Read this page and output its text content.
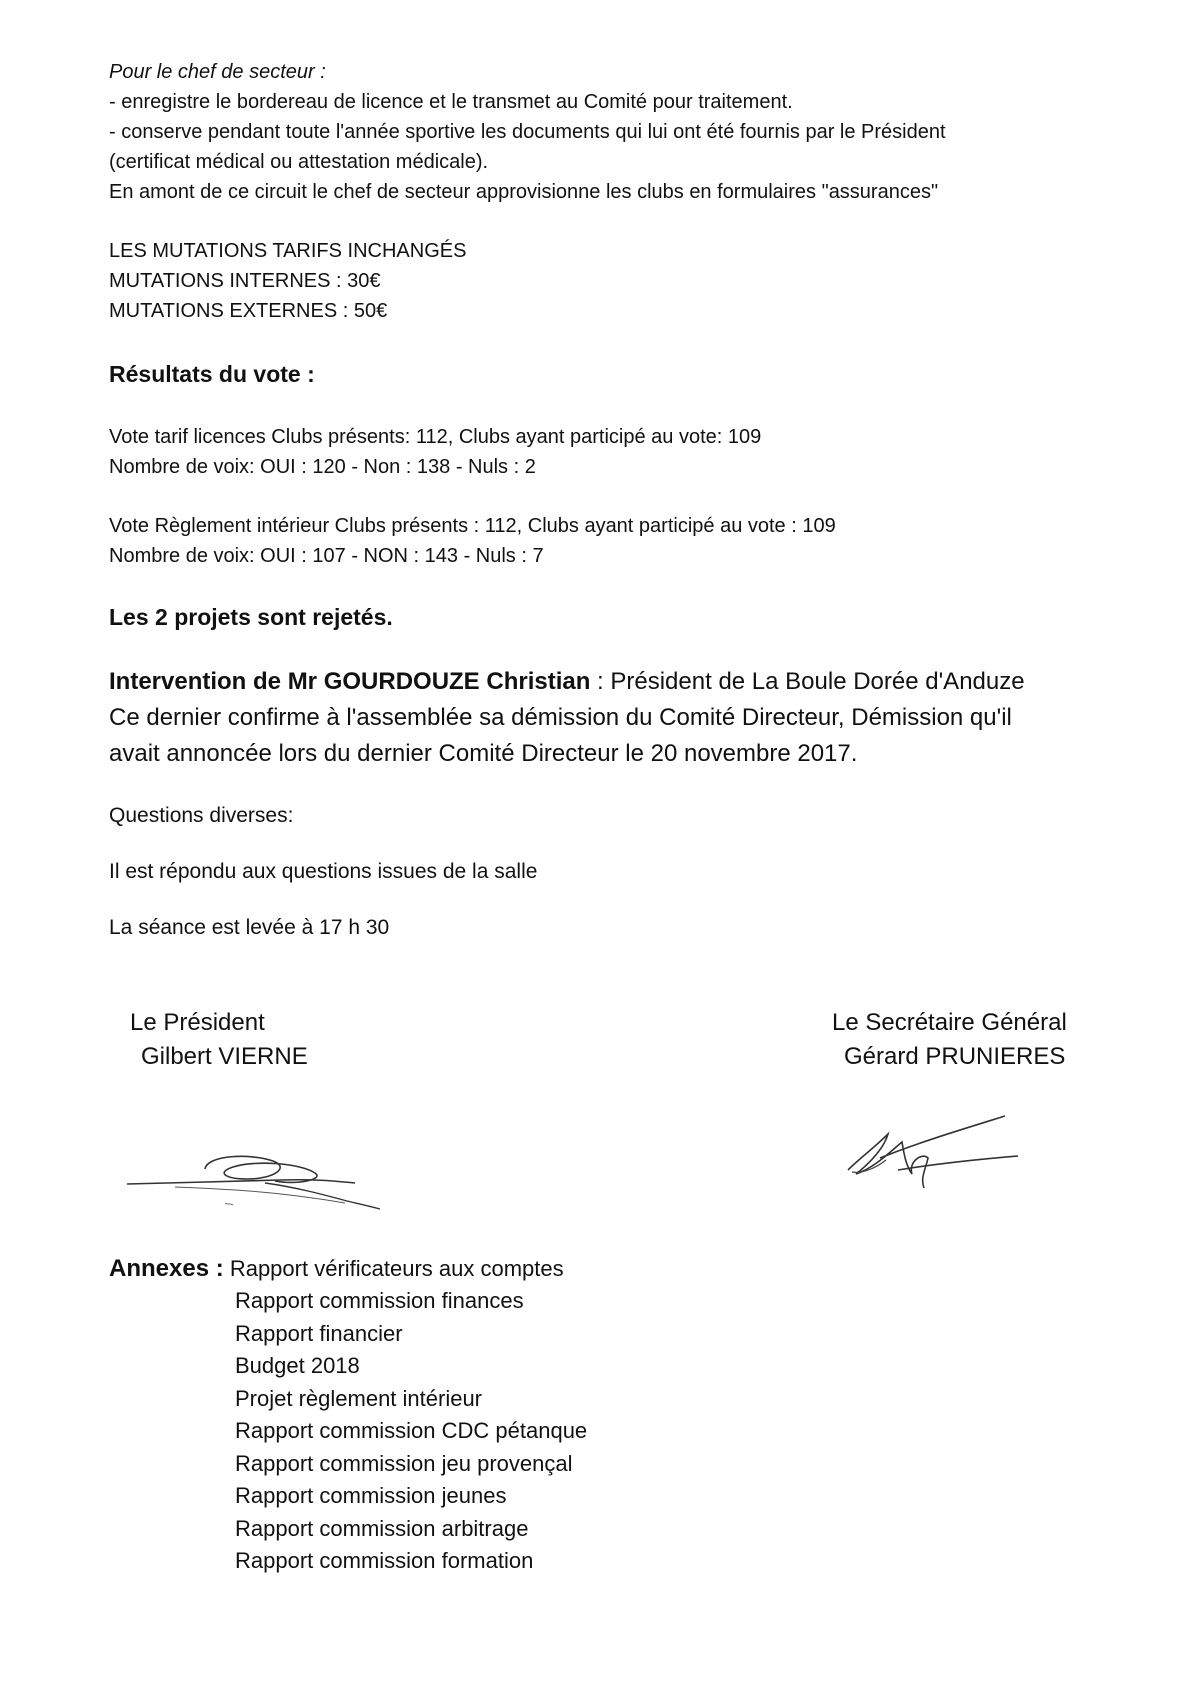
Pour le chef de secteur :
- enregistre le bordereau de licence et le transmet au Comité pour traitement.
- conserve pendant toute l'année sportive les documents qui lui ont été fournis par le Président
(certificat médical ou attestation médicale).
En amont de ce circuit le chef de secteur approvisionne les clubs en formulaires "assurances"
LES MUTATIONS TARIFS INCHANGÉS
MUTATIONS INTERNES : 30€
MUTATIONS EXTERNES : 50€
Résultats du vote :
Vote tarif licences Clubs présents: 112, Clubs ayant participé au vote: 109
Nombre de voix: OUI : 120 - Non : 138 - Nuls : 2
Vote Règlement intérieur Clubs présents : 112, Clubs ayant participé au vote : 109
Nombre de voix: OUI : 107 - NON : 143 - Nuls : 7
Les 2 projets sont rejetés.
Intervention de Mr GOURDOUZE Christian : Président de La Boule Dorée d'Anduze
Ce dernier confirme à l'assemblée sa démission du Comité Directeur, Démission qu'il
avait annoncée lors du dernier Comité Directeur le 20 novembre 2017.
Questions diverses:
Il est répondu aux questions issues de la salle
La séance est levée à 17 h 30
Le Président
Gilbert VIERNE
Le Secrétaire Général
Gérard PRUNIERES
Annexes : Rapport vérificateurs aux comptes
Rapport commission finances
Rapport financier
Budget 2018
Projet règlement intérieur
Rapport commission CDC pétanque
Rapport commission jeu provençal
Rapport commission jeunes
Rapport commission arbitrage
Rapport commission formation
